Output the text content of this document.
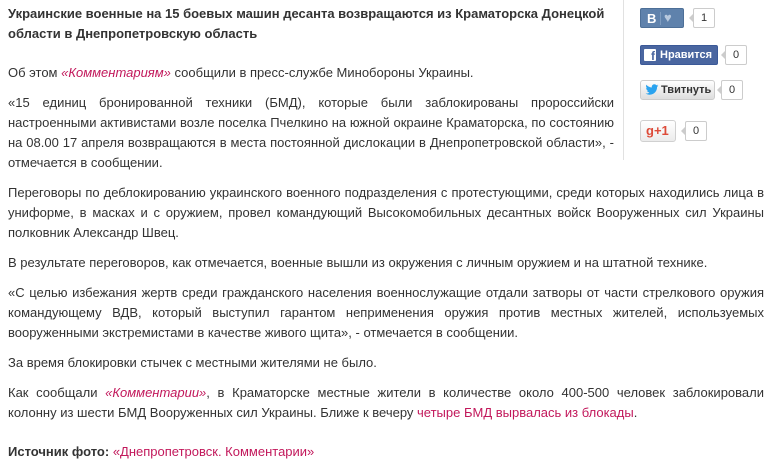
Украинские военные на 15 боевых машин десанта возвращаются из Краматорска Донецкой области в Днепропетровскую область
В ♥	1
f Нравится	0
Твитнуть	0
g+1	0

Об этом «Комментариям» сообщили в пресс-службе Минобороны Украины.

«15 единиц бронированной техники (БМД), которые были заблокированы пророссийски настроенными активистами возле поселка Пчелкино на южной окраине Краматорска, по состоянию на 08.00 17 апреля возвращаются в места постоянной дислокации в Днепропетровской области», - отмечается в сообщении.

Переговоры по деблокированию украинского военного подразделения с протестующими, среди которых находились лица в униформе, в масках и с оружием, провел командующий Высокомобильных десантных войск Вооруженных сил Украины полковник Александр Швец.

В результате переговоров, как отмечается, военные вышли из окружения с личным оружием и на штатной технике.

«С целью избежания жертв среди гражданского населения военнослужащие отдали затворы от части стрелкового оружия командующему ВДВ, который выступил гарантом неприменения оружия против местных жителей, используемых вооруженными экстремистами в качестве живого щита», - отмечается в сообщении.

За время блокировки стычек с местными жителями не было.

Как сообщали «Комментарии», в Краматорске местные жители в количестве около 400-500 человек заблокировали колонну из шести БМД Вооруженных сил Украины. Ближе к вечеру четыре БМД вырвалась из блокады.

Источник фото: «Днепропетровск. Комментарии»
